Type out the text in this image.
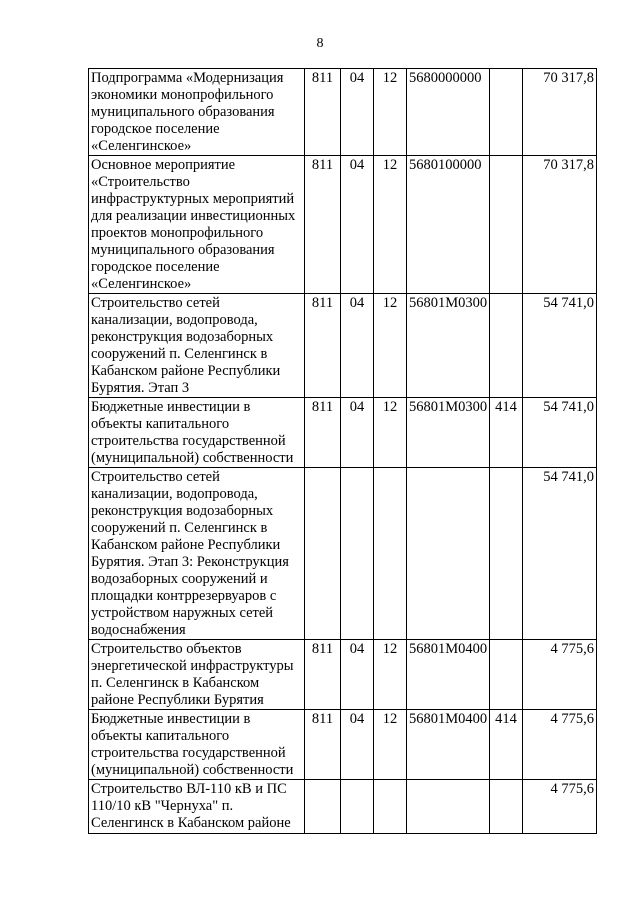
8
Подпрограмма «Модернизация экономики монопрофильного муниципального образования городское поселение «Селенгинское»	811	04	12	5680000000		70 317,8
Основное мероприятие «Строительство инфраструктурных мероприятий для реализации инвестиционных проектов монопрофильного муниципального образования городское поселение «Селенгинское»	811	04	12	5680100000		70 317,8
Строительство сетей канализации, водопровода, реконструкция водозаборных сооружений п. Селенгинск в Кабанском районе Республики Бурятия. Этап 3	811	04	12	56801М0300		54 741,0
Бюджетные инвестиции в объекты капитального строительства государственной (муниципальной) собственности	811	04	12	56801М0300	414	54 741,0
Строительство сетей канализации, водопровода, реконструкция водозаборных сооружений п. Селенгинск в Кабанском районе Республики Бурятия. Этап 3: Реконструкция водозаборных сооружений и площадки контррезервуаров с устройством наружных сетей водоснабжения						54 741,0
Строительство объектов энергетической инфраструктуры п. Селенгинск в Кабанском районе Республики Бурятия	811	04	12	56801М0400		4 775,6
Бюджетные инвестиции в объекты капитального строительства государственной (муниципальной) собственности	811	04	12	56801М0400	414	4 775,6
Строительство ВЛ-110 кВ и ПС 110/10 кВ "Чернуха" п. Селенгинск в Кабанском районе						4 775,6
